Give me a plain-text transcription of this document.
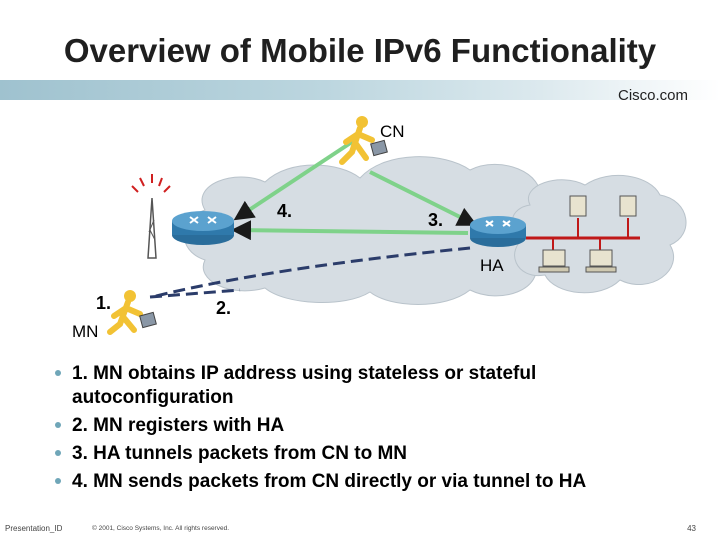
Overview of Mobile IPv6 Functionality
Cisco.com
CN
HA
MN
1.	2.
3.
4.
1. MN obtains IP address using stateless or stateful autoconfiguration
2. MN registers with HA
3. HA tunnels packets from CN to MN
4. MN sends packets from CN directly or via tunnel to HA
Presentation_ID	© 2001, Cisco Systems, Inc. All rights reserved.	43
